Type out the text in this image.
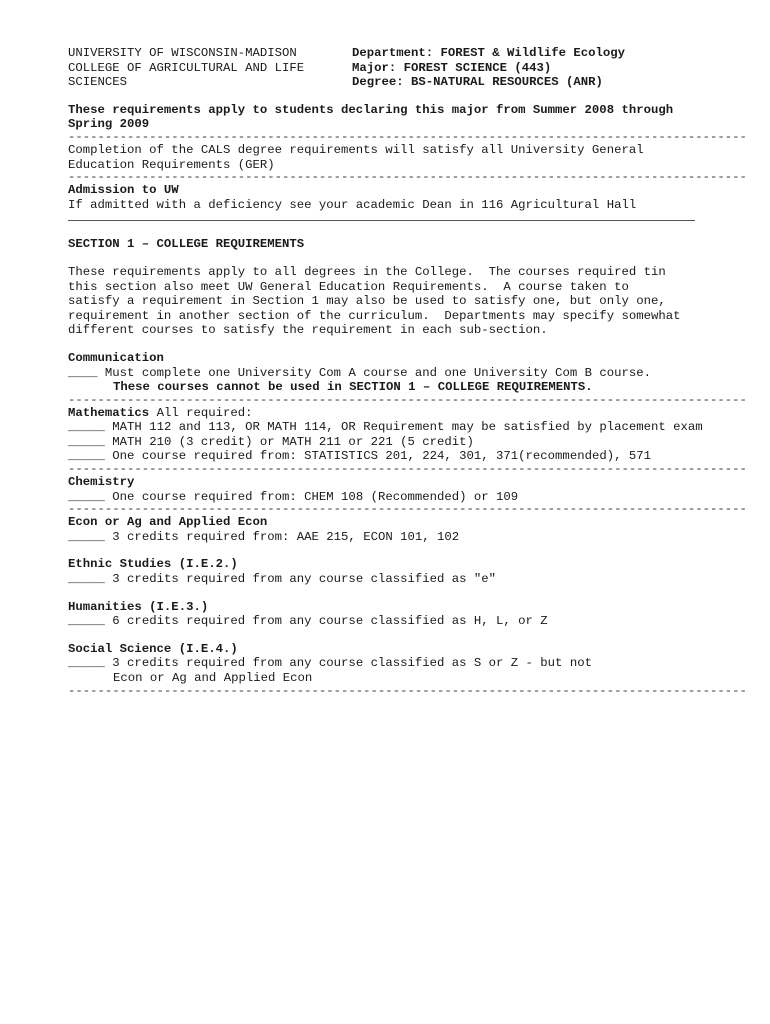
UNIVERSITY OF WISCONSIN-MADISON
COLLEGE OF AGRICULTURAL AND LIFE
SCIENCES
Department: FOREST & Wildlife Ecology
Major: FOREST SCIENCE (443)
Degree: BS-NATURAL RESOURCES (ANR)
These requirements apply to students declaring this major from Summer 2008 through
Spring 2009
--------------------------------------------------------------------------------------------
Completion of the CALS degree requirements will satisfy all University General
Education Requirements (GER)
--------------------------------------------------------------------------------------------
Admission to UW
If admitted with a deficiency see your academic Dean in 116 Agricultural Hall
SECTION 1 – COLLEGE REQUIREMENTS
These requirements apply to all degrees in the College.  The courses required tin
this section also meet UW General Education Requirements.  A course taken to
satisfy a requirement in Section 1 may also be used to satisfy one, but only one,
requirement in another section of the curriculum.  Departments may specify somewhat
different courses to satisfy the requirement in each sub-section.
Communication
____ Must complete one University Com A course and one University Com B course.
These courses cannot be used in SECTION 1 – COLLEGE REQUIREMENTS.
--------------------------------------------------------------------------------------------
Mathematics All required:
_____ MATH 112 and 113, OR MATH 114, OR Requirement may be satisfied by placement exam
_____ MATH 210 (3 credit) or MATH 211 or 221 (5 credit)
_____ One course required from: STATISTICS 201, 224, 301, 371(recommended), 571
--------------------------------------------------------------------------------------------
Chemistry
_____ One course required from: CHEM 108 (Recommended) or 109
--------------------------------------------------------------------------------------------
Econ or Ag and Applied Econ
_____ 3 credits required from: AAE 215, ECON 101, 102
Ethnic Studies (I.E.2.)
_____ 3 credits required from any course classified as "e"
Humanities (I.E.3.)
_____ 6 credits required from any course classified as H, L, or Z
Social Science (I.E.4.)
_____ 3 credits required from any course classified as S or Z - but not
Econ or Ag and Applied Econ
--------------------------------------------------------------------------------------------
